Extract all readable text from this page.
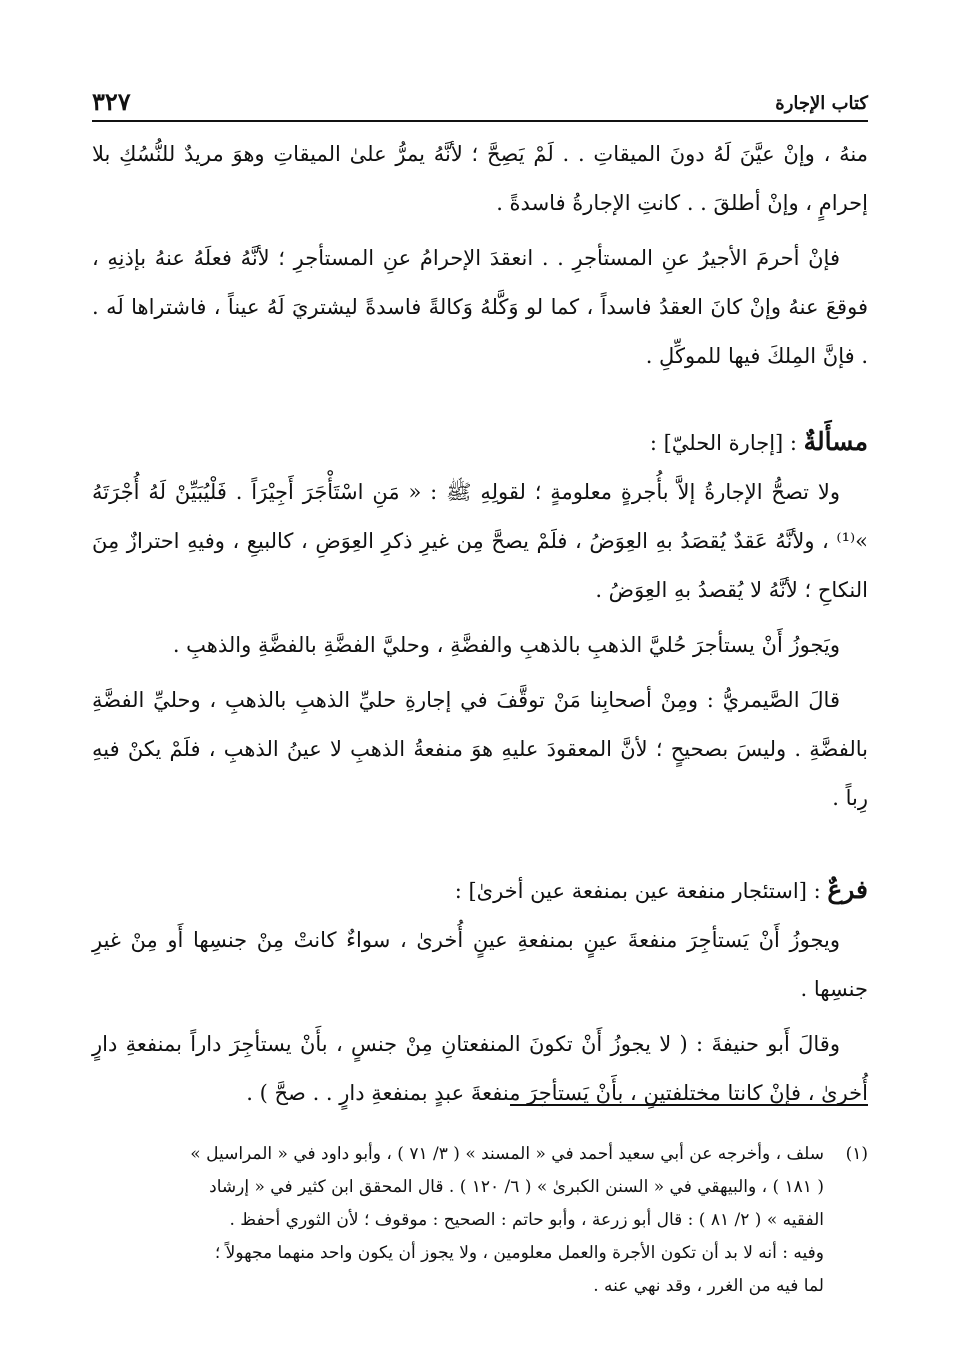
كتاب الإجارة
٣٢٧

منهُ ، وإنْ عيَّنَ لَهُ دونَ الميقاتِ . . لَمْ يَصِحَّ ؛ لأنَّهُ يمرُّ علىٰ الميقاتِ وهوَ مريدٌ للنُّسُكِ بلا إحرامٍ ، وإنْ أطلقَ . . كانتِ الإجارةُ فاسدةً .

فإنْ أحرمَ الأجيرُ عنِ المستأجرِ . . انعقدَ الإحرامُ عنِ المستأجرِ ؛ لأنَّهُ فعلَهُ عنهُ بإذنِهِ ، فوقعَ عنهُ وإنْ كانَ العقدُ فاسداً ، كما لو وَكَّلهُ وَكالةً فاسدةً ليشتريَ لَهُ عيناً ، فاشتراها لَه . . فإنَّ المِلكَ فيها للموكِّلِ .

مسأَلةٌ : [إجارة الحليّ] :

ولا تصحُّ الإجارةُ إلاَّ بأُجرةٍ معلومةٍ ؛ لقولِهِ ﷺ : « مَنِ اسْتَأْجَرَ أَجِيْرَاً . فَلْيُبَيِّنْ لَهُ أُجْرَتَهُ »⁽¹⁾ ، ولأنَّهُ عَقدٌ يُقصَدُ بهِ العِوَضُ ، فلَمْ يصحَّ مِن غيرِ ذكرِ العِوَضِ ، كالبيعِ ، وفيهِ احترازٌ مِنَ النكاحِ ؛ لأنَّهُ لا يُقصدُ بهِ العِوَضُ .

ويَجوزُ أَنْ يستأجرَ حُليَّ الذهبِ بالذهبِ والفضَّةِ ، وحليَّ الفضَّةِ بالفضَّةِ والذهبِ .

قالَ الصَّيمريُّ : ومِنْ أصحابِنا مَنْ توقَّفَ في إجارةِ حليِّ الذهبِ بالذهبِ ، وحليِّ الفضَّةِ بالفضَّةِ . وليسَ بصحيحٍ ؛ لأنَّ المعقودَ عليهِ هوَ منفعةُ الذهبِ لا عينُ الذهبِ ، فلَمْ يكنْ فيهِ رِباً .

فرعٌ : [استئجار منفعة عين بمنفعة عين أخرىٰ] :

ويجوزُ أَنْ يَستأجِرَ منفعةَ عينٍ بمنفعةِ عينٍ أُخرىٰ ، سواءٌ كانتْ مِنْ جنسِها أَو مِنْ غيرِ جنسِها .

وقالَ أَبو حنيفةَ : ( لا يجوزُ أَنْ تكونَ المنفعتانِ مِنْ جنسٍ ، بأَنْ يستأجِرَ داراً بمنفعةِ دارٍ أُخرىٰ ، فإنْ كانتا مختلفتينِ ، بأَنْ يَستأجِرَ منفعةَ عبدٍ بمنفعةِ دارٍ . . صحَّ ) .

(١)
سلف ، وأخرجه عن أبي سعيد أحمد في « المسند » ( ٣/ ٧١ ) ، وأبو داود في « المراسيل »
( ١٨١ ) ، والبيهقي في « السنن الكبرىٰ » ( ٦/ ١٢٠ ) . قال المحقق ابن كثير في « إرشاد
الفقيه » ( ٢/ ٨١ ) : قال أبو زرعة ، وأبو حاتم : الصحيح : موقوف ؛ لأن الثوري أحفظ .
وفيه : أنه لا بد أن تكون الأجرة والعمل معلومين ، ولا يجوز أن يكون واحد منهما مجهولاً ؛
لما فيه من الغرر ، وقد نهي عنه .
